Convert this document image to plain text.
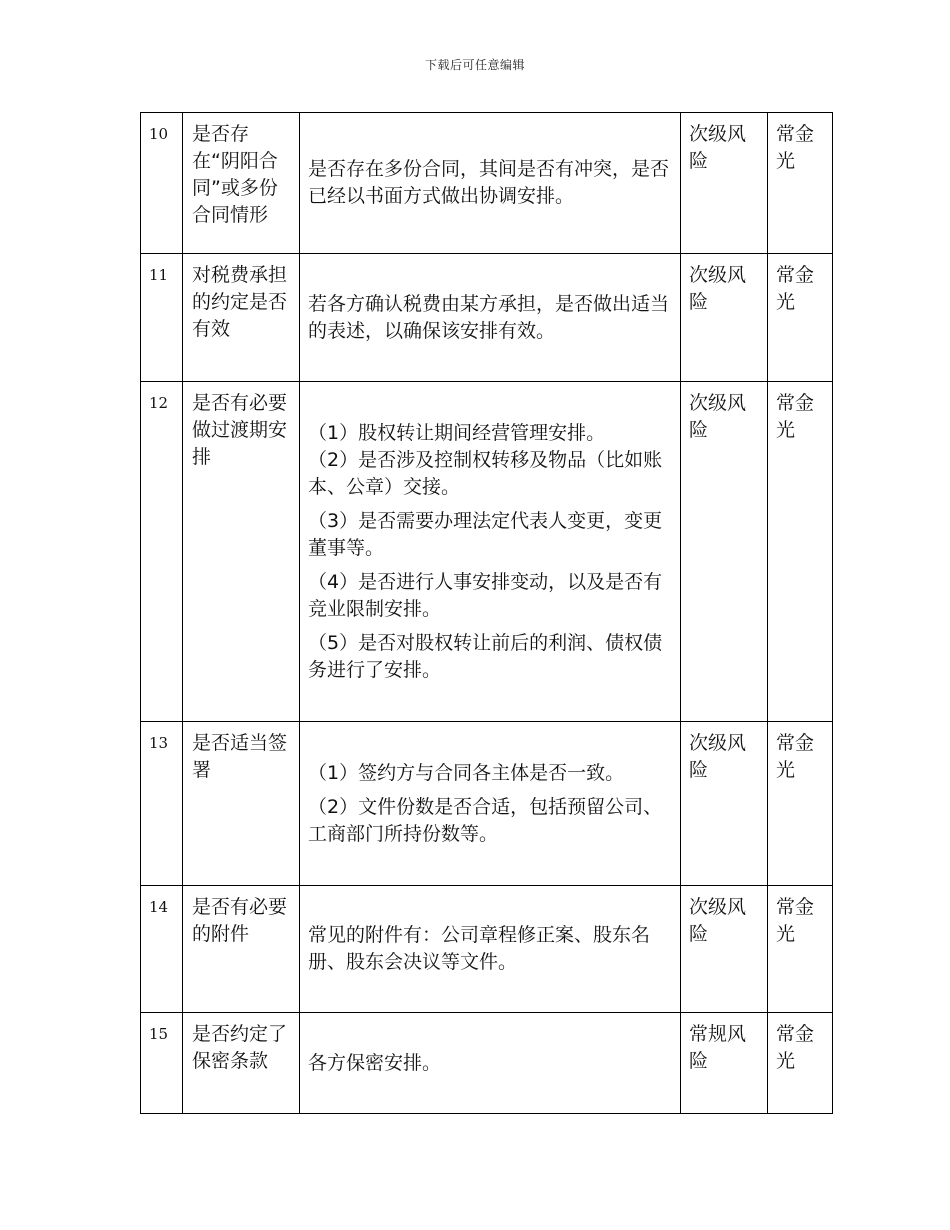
下载后可任意编辑
10	是否存在“阴阳合同”或多份合同情形	是否存在多份合同，其间是否有冲突，是否已经以书面方式做出协调安排。	次级风险	常金光
11	对税费承担的约定是否有效	若各方确认税费由某方承担，是否做出适当的表述，以确保该安排有效。	次级风险	常金光
12	是否有必要做过渡期安排	（1）股权转让期间经营管理安排。

（2）是否涉及控制权转移及物品（比如账本、公章）交接。

（3）是否需要办理法定代表人变更，变更董事等。

（4）是否进行人事安排变动，以及是否有竞业限制安排。

（5）是否对股权转让前后的利润、债权债务进行了安排。	次级风险	常金光
13	是否适当签署	（1）签约方与合同各主体是否一致。

（2）文件份数是否合适，包括预留公司、工商部门所持份数等。	次级风险	常金光
14	是否有必要的附件	常见的附件有：公司章程修正案、股东名册、股东会决议等文件。	次级风险	常金光
15	是否约定了保密条款	各方保密安排。	常规风险	常金光
